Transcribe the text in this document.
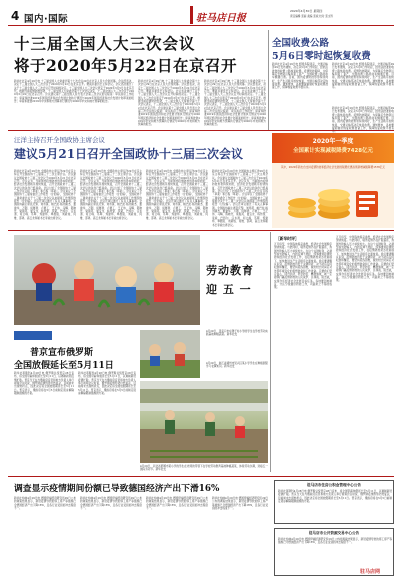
4 国内·国际	驻马店日报
2020年4月30日 星期四
责任编辑 张丽 美编 张斌 校对 张文科
十三届全国人大三次会议
将于2020年5月22日在京召开
新华社北京4月29日电 十三届全国人大常委会第十七次会议29日在北京人民大会堂闭幕。会议经表决，决定十三届全国人大三次会议于2020年5月22日在北京召开。栗战书委员长主持会议。会议表决通过了关于十三届全国人大三次会议召开时间的决定。十三届全国人大三次会议原定于2020年3月5日在北京召开。根据当前疫情防控形势，十三届全国人大常委会第十七次会议决定，十三届全国人大三次会议于2020年5月22日在北京召开。会议建议第十三届全国人民代表大会第三次会议的议程是：审议政府工作报告；审查和批准2019年国民经济和社会发展计划执行情况与2020年国民经济和社会发展计划草案的报告；审查和批准2019年中央和地方预算执行情况与2020年中央和地方预算的报告。
新华社北京4月29日电 十三届全国人大常委会第十七次会议29日在北京人民大会堂闭幕。会议经表决，决定十三届全国人大三次会议于2020年5月22日在北京召开。栗战书委员长主持会议。会议表决通过了关于十三届全国人大三次会议召开时间的决定。十三届全国人大三次会议原定于2020年3月5日在北京召开。根据当前疫情防控形势，十三届全国人大常委会第十七次会议决定，十三届全国人大三次会议于2020年5月22日在北京召开。会议建议第十三届全国人民代表大会第三次会议的议程是：审议政府工作报告；审查和批准2019年国民经济和社会发展计划执行情况与2020年国民经济和社会发展计划草案的报告；审查和批准2019年中央和地方预算执行情况与2020年中央和地方预算的报告。
新华社北京4月29日电 十三届全国人大常委会第十七次会议29日在北京人民大会堂闭幕。会议经表决，决定十三届全国人大三次会议于2020年5月22日在北京召开。栗战书委员长主持会议。会议表决通过了关于十三届全国人大三次会议召开时间的决定。十三届全国人大三次会议原定于2020年3月5日在北京召开。根据当前疫情防控形势，十三届全国人大常委会第十七次会议决定，十三届全国人大三次会议于2020年5月22日在北京召开。会议建议第十三届全国人民代表大会第三次会议的议程是：审议政府工作报告；审查和批准2019年国民经济和社会发展计划执行情况与2020年国民经济和社会发展计划草案的报告；审查和批准2019年中央和地方预算执行情况与2020年中央和地方预算的报告。
全国收费公路
5月6日零时起恢复收费
新华社北京4月29日电 经国务院同意，交通运输部29日发布通知，决定从5月6日零时起，经依法批准的收费公路恢复收费。疫情防控期间，为保障应急物资运输和复工复产，全国收费公路免收车辆通行费。目前，国内疫情防控形势持续向好，生产生活秩序加快恢复，交通运输部决定恢复收费。通知要求，各地要提前做好恢复收费准备工作，保障恢复收费平稳有序。
新华社北京4月29日电 经国务院同意，交通运输部29日发布通知，决定从5月6日零时起，经依法批准的收费公路恢复收费。疫情防控期间，为保障应急物资运输和复工复产，全国收费公路免收车辆通行费。目前，国内疫情防控形势持续向好，生产生活秩序加快恢复，交通运输部决定恢复收费。通知要求，各地要提前做好恢复收费准备工作，保障恢复收费平稳有序。
新华社北京4月29日电 经国务院同意，交通运输部29日发布通知，决定从5月6日零时起，经依法批准的收费公路恢复收费。疫情防控期间，为保障应急物资运输和复工复产，全国收费公路免收车辆通行费。目前，国内疫情防控形势持续向好，生产生活秩序加快恢复，交通运输部决定恢复收费。通知要求，各地要提前做好恢复收费准备工作，保障恢复收费平稳有序。
汪洋主持召开全国政协主席会议
建议5月21日召开全国政协十三届三次会议
新华社北京4月29日电 全国政协主席汪洋29日在京主持召开全国政协十三届第三十二次主席会议。会议建议全国政协十三届三次会议于2020年5月21日在北京召开。会议认为，当前国内疫情防控形势持续向好，经济社会发展秩序加快恢复，召开全国政协十三届三次会议的条件已经具备。会议讨论了全国政协十三届三次会议议程（草案）和日程（草案）。会议审议了全国政协十三届常委会工作报告（讨论稿），全国政协十三届常委会关于十三届二次会议以来提案工作情况的报告（讨论稿）。会议还审议通过了有关人事事项。全国政协副主席张庆黎、刘奇葆、帕巴拉·格列朗杰、董建华、万钢、何厚铧、卢展工、王正伟、马飚、陈晓光、梁振英、夏宝龙、杨传堂、李斌、巴特尔、汪永清、何立峰、苏辉、郑建邦、辜胜阻、刘新成、何维、邵鸿、高云龙和秘书长李斌出席会议。
新华社北京4月29日电 全国政协主席汪洋29日在京主持召开全国政协十三届第三十二次主席会议。会议建议全国政协十三届三次会议于2020年5月21日在北京召开。会议认为，当前国内疫情防控形势持续向好，经济社会发展秩序加快恢复，召开全国政协十三届三次会议的条件已经具备。会议讨论了全国政协十三届三次会议议程（草案）和日程（草案）。会议审议了全国政协十三届常委会工作报告（讨论稿），全国政协十三届常委会关于十三届二次会议以来提案工作情况的报告（讨论稿）。会议还审议通过了有关人事事项。全国政协副主席张庆黎、刘奇葆、帕巴拉·格列朗杰、董建华、万钢、何厚铧、卢展工、王正伟、马飚、陈晓光、梁振英、夏宝龙、杨传堂、李斌、巴特尔、汪永清、何立峰、苏辉、郑建邦、辜胜阻、刘新成、何维、邵鸿、高云龙和秘书长李斌出席会议。
新华社北京4月29日电 全国政协主席汪洋29日在京主持召开全国政协十三届第三十二次主席会议。会议建议全国政协十三届三次会议于2020年5月21日在北京召开。会议认为，当前国内疫情防控形势持续向好，经济社会发展秩序加快恢复，召开全国政协十三届三次会议的条件已经具备。会议讨论了全国政协十三届三次会议议程（草案）和日程（草案）。会议审议了全国政协十三届常委会工作报告（讨论稿），全国政协十三届常委会关于十三届二次会议以来提案工作情况的报告（讨论稿）。会议还审议通过了有关人事事项。全国政协副主席张庆黎、刘奇葆、帕巴拉·格列朗杰、董建华、万钢、何厚铧、卢展工、王正伟、马飚、陈晓光、梁振英、夏宝龙、杨传堂、李斌、巴特尔、汪永清、何立峰、苏辉、郑建邦、辜胜阻、刘新成、何维、邵鸿、高云龙和秘书长李斌出席会议。
新华社北京4月29日电 全国政协主席汪洋29日在京主持召开全国政协十三届第三十二次主席会议。会议建议全国政协十三届三次会议于2020年5月21日在北京召开。会议认为，当前国内疫情防控形势持续向好，经济社会发展秩序加快恢复，召开全国政协十三届三次会议的条件已经具备。会议讨论了全国政协十三届三次会议议程（草案）和日程（草案）。会议审议了全国政协十三届常委会工作报告（讨论稿），全国政协十三届常委会关于十三届二次会议以来提案工作情况的报告（讨论稿）。会议还审议通过了有关人事事项。全国政协副主席张庆黎、刘奇葆、帕巴拉·格列朗杰、董建华、万钢、何厚铧、卢展工、王正伟、马飚、陈晓光、梁振英、夏宝龙、杨传堂、李斌、巴特尔、汪永清、何立峰、苏辉、郑建邦、辜胜阻、刘新成、何维、邵鸿、高云龙和秘书长李斌出席会议。
2020年一季度
全国累计实现减税降费7428亿元
其中，2020年新出台支持疫情防控和经济社会发展的税费优惠政策新增减税降费1578亿元
劳动教育
迎 五 一
4月29日，张家口市东堡子村小学的学生在学校劳动实践基地种植蔬菜。新华社发
4月29日，浙江省湖州市吴兴区某小学学生在种植园里学习农事知识。新华社发
4月29日，河北省邯郸市某小学的学生在老师的带领下在学校劳动教育基地种植蔬菜，体验劳动乐趣，迎接五一国际劳动节。新华社发
［新华时评］
五月将至，中国各地春意盎然，经济社会发展秩序加快恢复。与此同时，境外疫情仍在扩散蔓延，我国外防输入压力持续加大。在这个关键时刻，必须坚持外防输入、内防反弹不放松，统筹推进疫情防控和经济社会发展工作，在疫情防控常态化前提下，加快推进生产生活秩序全面恢复。我们要清醒认识到，疫情防控仍处于关键阶段，决不能有任何松劲和懈怠，要坚持底线思维，做好较长时间应对外部环境变化的思想准备和工作准备。只要我们坚定信心、同舟共济、科学防治、精准施策，就一定能够打赢疫情防控的人民战争、总体战、阻击战，实现今年经济社会发展目标任务。各地要因地制宜、分区分级做好防控工作，巩固来之不易的成果。
五月将至，中国各地春意盎然，经济社会发展秩序加快恢复。与此同时，境外疫情仍在扩散蔓延，我国外防输入压力持续加大。在这个关键时刻，必须坚持外防输入、内防反弹不放松，统筹推进疫情防控和经济社会发展工作，在疫情防控常态化前提下，加快推进生产生活秩序全面恢复。我们要清醒认识到，疫情防控仍处于关键阶段，决不能有任何松劲和懈怠，要坚持底线思维，做好较长时间应对外部环境变化的思想准备和工作准备。只要我们坚定信心、同舟共济、科学防治、精准施策，就一定能够打赢疫情防控的人民战争、总体战、阻击战，实现今年经济社会发展目标任务。各地要因地制宜、分区分级做好防控工作，巩固来之不易的成果。
国际 博览
普京宣布俄罗斯
全国放假延长至5月11日
新华社莫斯科4月28日电 俄罗斯总统普京28日宣布，将全国带薪休假延长至5月11日，以遏制新冠疫情扩散。普京当天在与俄政府官员和地方负责人举行视频会议时说，俄罗斯疫情形势仍然复杂，目前尚未出现转折点，因此决定将全国放假期延长至5月11日。普京表示，俄政府将在5月5日前制定逐步解除限制措施的方案。
新华社莫斯科4月28日电 俄罗斯总统普京28日宣布，将全国带薪休假延长至5月11日，以遏制新冠疫情扩散。普京当天在与俄政府官员和地方负责人举行视频会议时说，俄罗斯疫情形势仍然复杂，目前尚未出现转折点，因此决定将全国放假期延长至5月11日。普京表示，俄政府将在5月5日前制定逐步解除限制措施的方案。
调查显示疫情期间份额已导致德国经济产出下滑16%
新华社柏林4月29日电 德国伊福经济研究所29日公布的调查结果显示，新冠疫情导致的停工停产等措施已令德国经济产出下降16%，且各行业受到的冲击程度不一。
新华社柏林4月29日电 德国伊福经济研究所29日公布的调查结果显示，新冠疫情导致的停工停产等措施已令德国经济产出下降16%，且各行业受到的冲击程度不一。
新华社柏林4月29日电 德国伊福经济研究所29日公布的调查结果显示，新冠疫情导致的停工停产等措施已令德国经济产出下降16%，且各行业受到的冲击程度不一。
新华社柏林4月29日电 德国伊福经济研究所29日公布的调查结果显示，新冠疫情导致的停工停产等措施已令德国经济产出下降16%，且各行业受到的冲击程度不一。
驻马店市住房公积金管理中心公告
新华社莫斯科4月28日电 俄罗斯总统普京28日宣布，将全国带薪休假延长至5月11日，以遏制新冠疫情扩散。普京当天在与俄政府官员和地方负责人举行视频会议时说，俄罗斯疫情形势仍然复杂，目前尚未出现转折点，因此决定将全国放假期延长至5月11日。普京表示，俄政府将在5月5日前制定逐步解除限制措施的方案。
驻马店市公共资源交易中心公告
新华社柏林4月29日电 德国伊福经济研究所29日公布的调查结果显示，新冠疫情导致的停工停产等措施已令德国经济产出下降16%，且各行业受到的冲击程度不一。
驻马店网
